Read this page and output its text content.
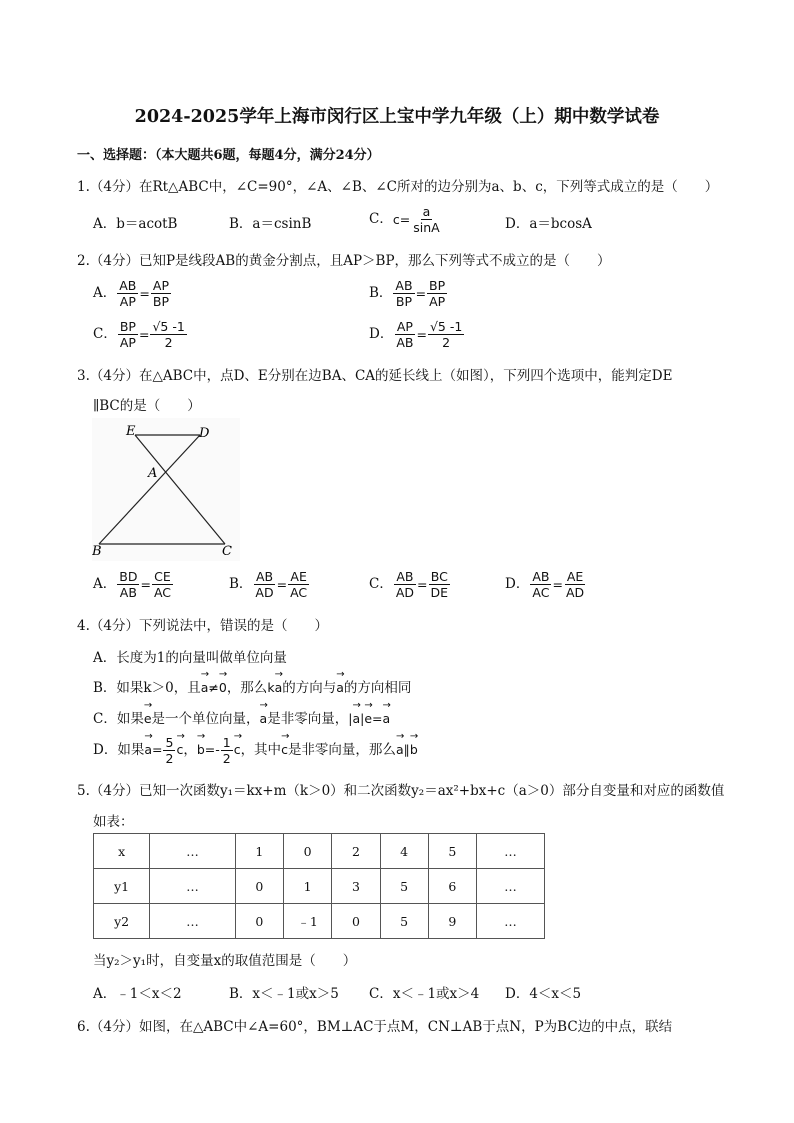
2024-2025学年上海市闵行区上宝中学九年级（上）期中数学试卷
一、选择题：（本大题共6题，每题4分，满分24分）
1.（4分）在Rt△ABC中，∠C=90°，∠A、∠B、∠C所对的边分别为a、b、c，下列等式成立的是（　　）
A．b＝acotB	B．a＝csinB	C．$c= \frac{a}{\sin A}$	D．a＝bcosA
2.（4分）已知P是线段AB的黄金分割点，且AP＞BP，那么下列等式不成立的是（　　）
A． $\frac{AB}{AP} = \frac{AP}{BP}$	B． $\frac{AB}{BP} = \frac{BP}{AP}$
C． $\frac{BP}{AP} = \frac{√5 -1}{2}$	D． $\frac{AP}{AB} = \frac{√5 -1}{2}$
3.（4分）在△ABC中，点D、E分别在边BA、CA的延长线上（如图），下列四个选项中，能判定DE
∥BC的是（　　）
E	D
A
B	C
A． $\frac{BD}{AB} = \frac{CE}{AC}$	B． $\frac{AB}{AD} = \frac{AE}{AC}$	C． $\frac{AB}{AD} = \frac{BC}{DE}$	D． $\frac{AB}{AC} = \frac{AE}{AD}$
4.（4分）下列说法中，错误的是（　　）
A．长度为1的向量叫做单位向量
B．如果k＞0，且→ a≠→ 0，那么k→ a的方向与→ a的方向相同
C．如果→ e是一个单位向量，→ a是非零向量，|→ a|→ e=→ a
D．如果→ $a= \frac{5}{2} \to c$，→ $b=- \frac{1}{2} \to c$，其中→ c是非零向量，那么→ a∥→ b
5.（4分）已知一次函数y₁＝kx+m（k＞0）和二次函数y₂＝ax²+bx+c（a＞0）部分自变量和对应的函数值
如表：
x	…	1	0	2	4	5	…
y1	…	0	1	3	5	6	…
y2	…	0	﹣1	0	5	9	…
当y₂＞y₁时，自变量x的取值范围是（　　）
A．﹣1＜x＜2	B．x＜﹣1或x＞5 C．x＜﹣1或x＞4 D．4＜x＜5
6.（4分）如图，在△ABC中∠A=60°，BM⊥AC于点M，CN⊥AB于点N，P为BC边的中点，联结
